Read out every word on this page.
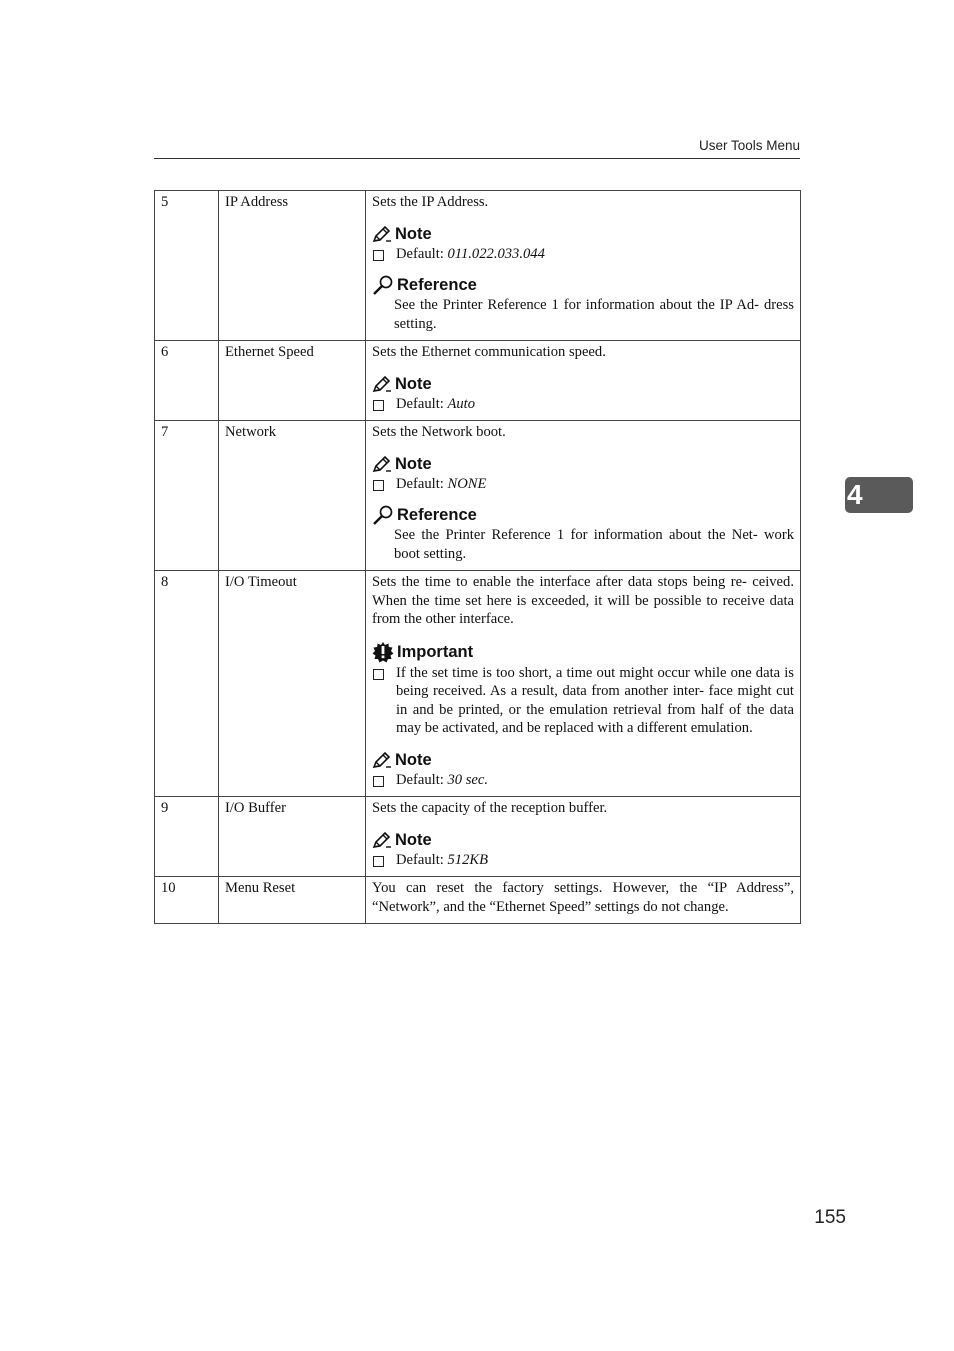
User Tools Menu
4
5	IP Address	Sets the IP Address.
Note
Default: 011.022.033.044
Reference
See the Printer Reference 1 for information about the IP Ad- dress setting.

6	Ethernet Speed	Sets the Ethernet communication speed.
Note
Default: Auto

7	Network	Sets the Network boot.
Note
Default: NONE
Reference
See the Printer Reference 1 for information about the Net- work boot setting.

8	I/O Timeout	Sets the time to enable the interface after data stops being re- ceived. When the time set here is exceeded, it will be possible to receive data from the other interface.
Important
If the set time is too short, a time out might occur while one data is being received. As a result, data from another inter- face might cut in and be printed, or the emulation retrieval from half of the data may be activated, and be replaced with a different emulation.
Note
Default: 30 sec.

9	I/O Buffer	Sets the capacity of the reception buffer.
Note
Default: 512KB

10	Menu Reset	You can reset the factory settings. However, the “IP Address”, “Network”, and the “Ethernet Speed” settings do not change.
155
